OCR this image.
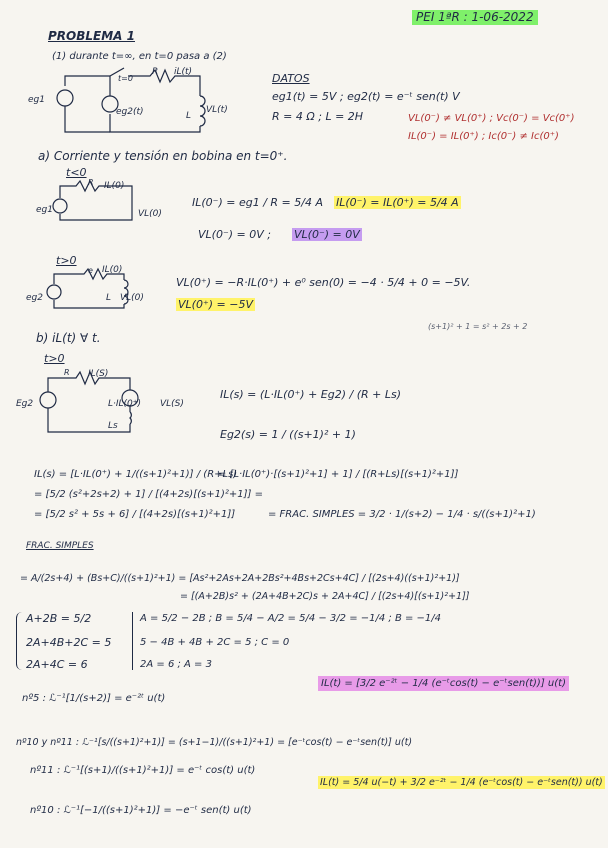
PEI 1ªR : 1-06-2022
PROBLEMA 1
(1) durante t=∞, en t=0 pasa a (2)
eg1
eg2(t)
R iL(t)
L
VL(t)
t=0	DATOS
eg1(t) = 5V ; eg2(t) = e⁻ᵗ sen(t) V
R = 4 Ω ; L = 2H	VL(0⁻) ≠ VL(0⁺) ; Vc(0⁻) = Vc(0⁺)
IL(0⁻) = IL(0⁺) ; Ic(0⁻) ≠ Ic(0⁺)
a) Corriente y tensión en bobina en t=0⁺.
t<0
eg1
IL(0)
R
VL(0)
IL(0⁻) = eg1 / R = 5/4 A IL(0⁻) = IL(0⁺) = 5/4 A
VL(0⁻) = 0V ; VL(0⁻) = 0V
t>0
eg2
e IL(0)
L VL(0)
VL(0⁺) = −R·IL(0⁺) + e⁰ sen(0) = −4 · 5/4 + 0 = −5V.
VL(0⁺) = −5V
(s+1)² + 1 = s² + 2s + 2
b) iL(t) ∀ t.
t>0
Eg2
IL(S)
R
L·IL(0⁺) VL(S)
Ls
IL(s) = (L·IL(0⁺) + Eg2) / (R + Ls)
Eg2(s) = 1 / ((s+1)² + 1)
IL(s) = [L·IL(0⁺) + 1/((s+1)²+1)] / (R+Ls)
= [L·IL(0⁺)·[(s+1)²+1] + 1] / [(R+Ls)[(s+1)²+1]]
= [5/2 (s²+2s+2) + 1] / [(4+2s)[(s+1)²+1]] =
= [5/2 s² + 5s + 6] / [(4+2s)[(s+1)²+1]]	= FRAC. SIMPLES = 3/2 · 1/(s+2) − 1/4 · s/((s+1)²+1)
FRAC. SIMPLES
= A/(2s+4) + (Bs+C)/((s+1)²+1) = [As²+2As+2A+2Bs²+4Bs+2Cs+4C] / [(2s+4)((s+1)²+1)]
= [(A+2B)s² + (2A+4B+2C)s + 2A+4C] / [(2s+4)[(s+1)²+1]]
A+2B = 5/2
2A+4B+2C = 5
2A+4C = 6
A = 5/2 − 2B ; B = 5/4 − A/2 = 5/4 − 3/2 = −1/4 ; B = −1/4
5 − 4B + 4B + 2C = 5 ; C = 0
2A = 6 ; A = 3
IL(t) = [3/2 e⁻²ᵗ − 1/4 (e⁻ᵗcos(t) − e⁻ᵗsen(t))] u(t)
nº5 : ℒ⁻¹[1/(s+2)] = e⁻²ᵗ u(t)
nº10 y nº11 : ℒ⁻¹[s/((s+1)²+1)] = (s+1−1)/((s+1)²+1) = [e⁻ᵗcos(t) − e⁻ᵗsen(t)] u(t)
nº11 : ℒ⁻¹[(s+1)/((s+1)²+1)] = e⁻ᵗ cos(t) u(t)
nº10 : ℒ⁻¹[−1/((s+1)²+1)] = −e⁻ᵗ sen(t) u(t)
IL(t) = 5/4 u(−t) + 3/2 e⁻²ᵗ − 1/4 (e⁻ᵗcos(t) − e⁻ᵗsen(t)) u(t)
